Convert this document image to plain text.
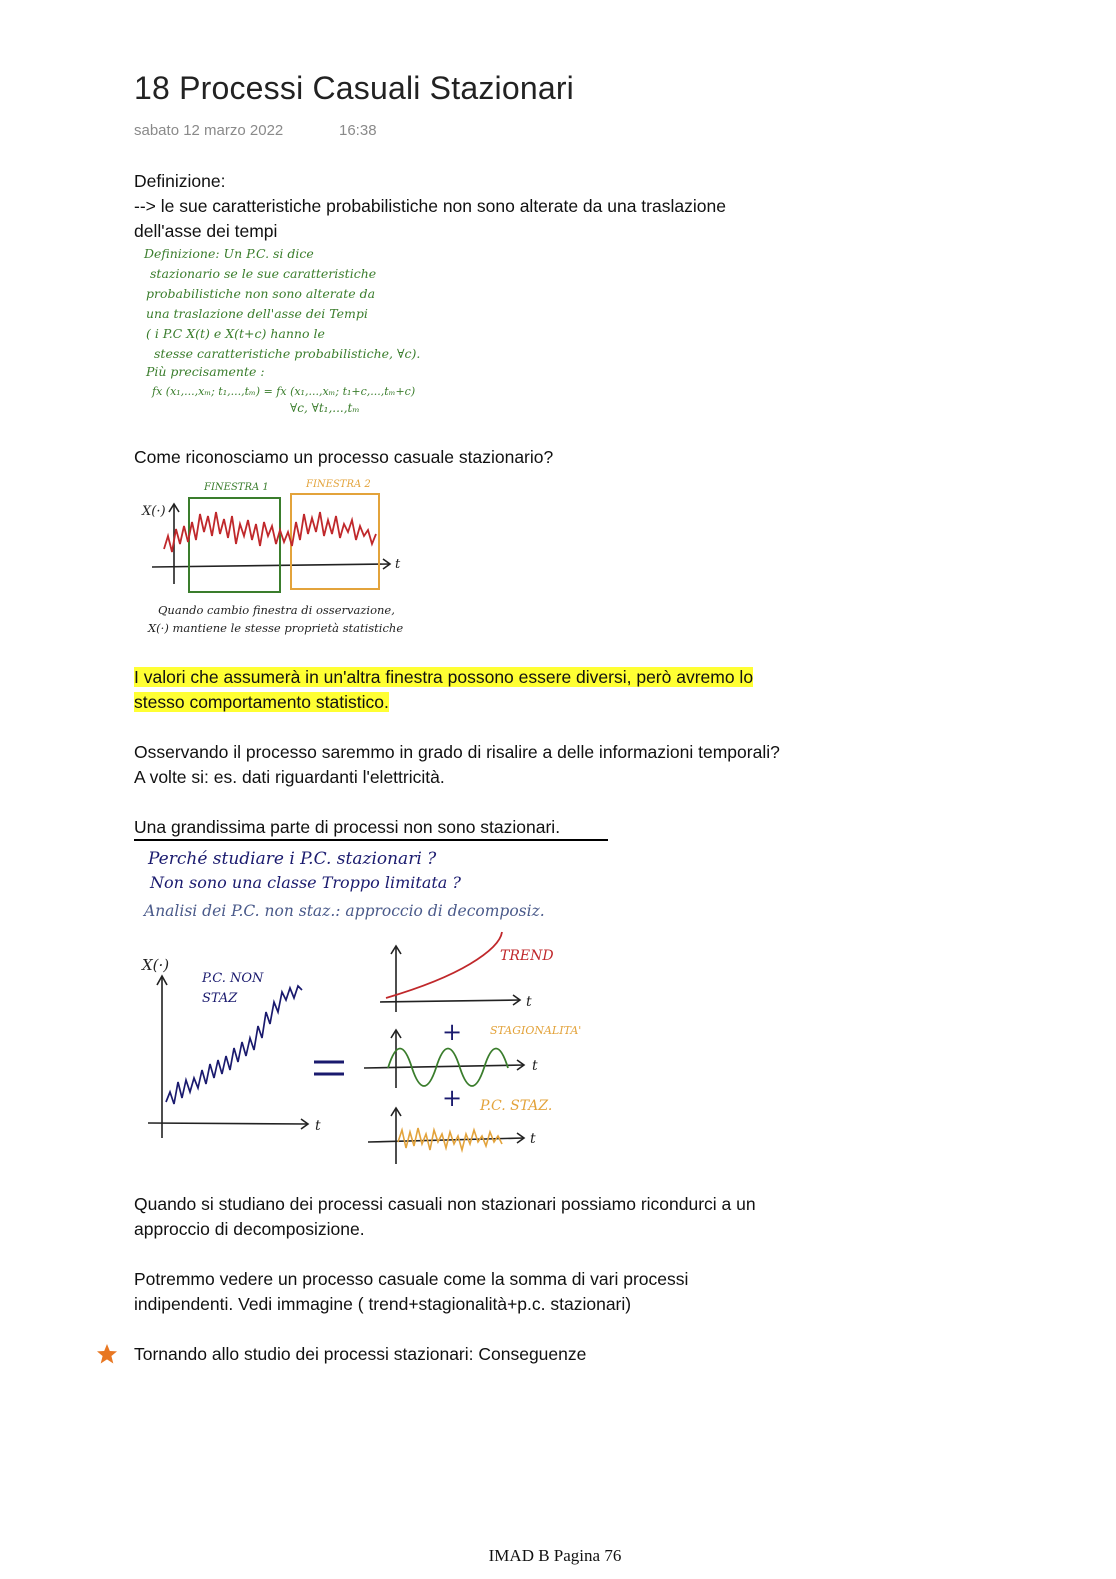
18 Processi Casuali Stazionari
sabato 12 marzo 2022	16:38
Definizione:
--> le sue caratteristiche probabilistiche non sono alterate da una traslazione
dell'asse dei tempi
Definizione: Un P.C. si dice
stazionario se le sue caratteristiche
probabilistiche non sono alterate da
una traslazione dell'asse dei Tempi
( i P.C X(t) e X(t+c) hanno le
stesse caratteristiche probabilistiche, ∀c).
Più precisamente :
fx (x₁,...,xₘ; t₁,...,tₘ) = fx (x₁,...,xₘ; t₁+c,...,tₘ+c)
∀c, ∀t₁,...,tₘ
Come riconosciamo un processo casuale stazionario?
FINESTRA 1	FINESTRA 2
X(·)
t
Quando cambio finestra di osservazione,
X(·) mantiene le stesse proprietà statistiche
I valori che assumerà in un'altra finestra possono essere diversi, però avremo lo
stesso comportamento statistico.
Osservando il processo saremmo in grado di risalire a delle informazioni temporali?
A volte si: es. dati riguardanti l'elettricità.
Una grandissima parte di processi non sono stazionari.
Perché studiare i P.C. stazionari ?
Non sono una classe Troppo limitata ?
Analisi dei P.C. non staz.: approccio di decomposiz.
X(·)
t
P.C. NON
STAZ	t
TREND
+	STAGIONALITA'
t
+ P.C. STAZ.
t
Quando si studiano dei processi casuali non stazionari possiamo ricondurci a un
approccio di decomposizione.
Potremmo vedere un processo casuale come la somma di vari processi
indipendenti. Vedi immagine ( trend+stagionalità+p.c. stazionari)
Tornando allo studio dei processi stazionari: Conseguenze
IMAD B Pagina 76
